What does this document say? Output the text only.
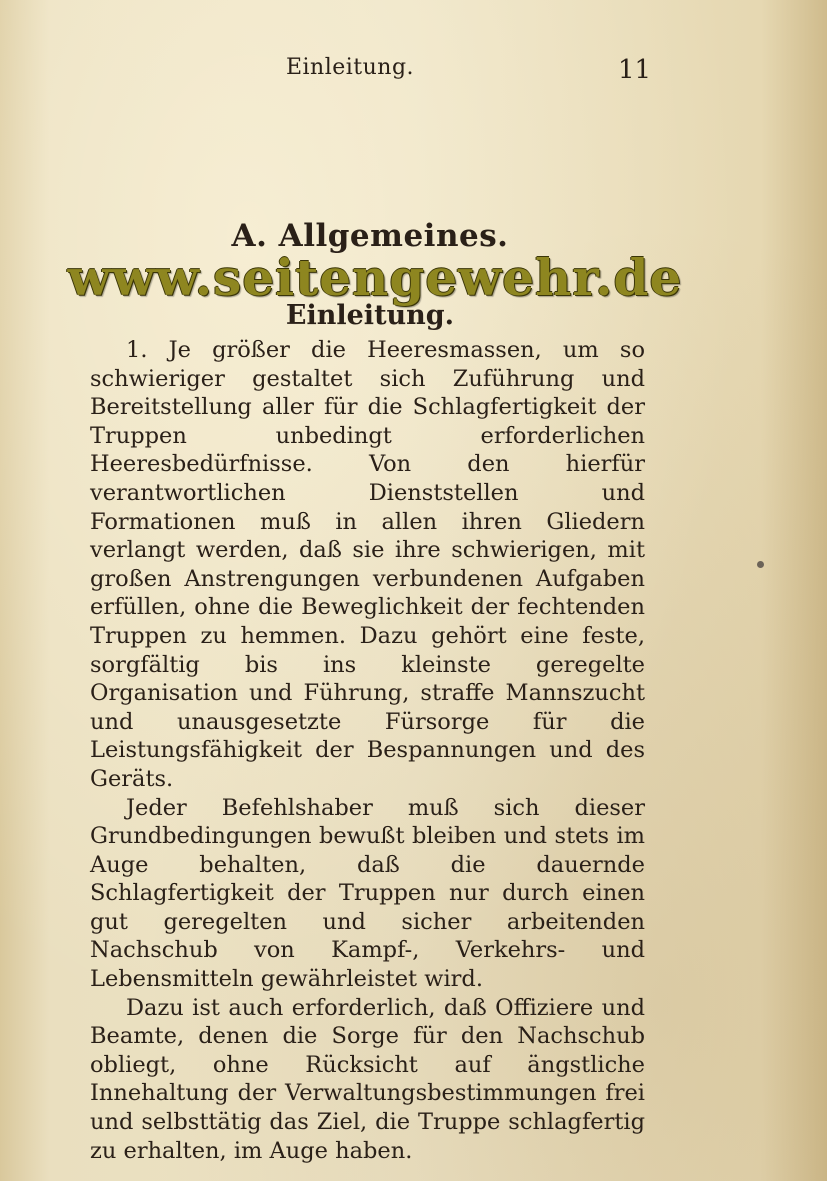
Einleitung.	11
A. Allgemeines.
www.seitengewehr.de
Einleitung.

1. Je größer die Heeresmassen, um so schwieriger gestaltet sich Zuführung und Bereitstellung aller für die Schlagfertigkeit der Truppen unbedingt erforderlichen Heeresbedürfnisse. Von den hierfür verantwortlichen Dienststellen und Formationen muß in allen ihren Gliedern verlangt werden, daß sie ihre schwierigen, mit großen Anstrengungen verbundenen Aufgaben erfüllen, ohne die Beweglichkeit der fechtenden Truppen zu hemmen. Dazu gehört eine feste, sorgfältig bis ins kleinste geregelte Organisation und Führung, straffe Mannszucht und unausgesetzte Fürsorge für die Leistungsfähigkeit der Bespannungen und des Geräts.

Jeder Befehlshaber muß sich dieser Grundbedingungen bewußt bleiben und stets im Auge behalten, daß die dauernde Schlagfertigkeit der Truppen nur durch einen gut geregelten und sicher arbeitenden Nachschub von Kampf-, Verkehrs- und Lebensmitteln gewährleistet wird.

Dazu ist auch erforderlich, daß Offiziere und Beamte, denen die Sorge für den Nachschub obliegt, ohne Rücksicht auf ängstliche Innehaltung der Verwaltungsbestimmungen frei und selbsttätig das Ziel, die Truppe schlagfertig zu erhalten, im Auge haben.
